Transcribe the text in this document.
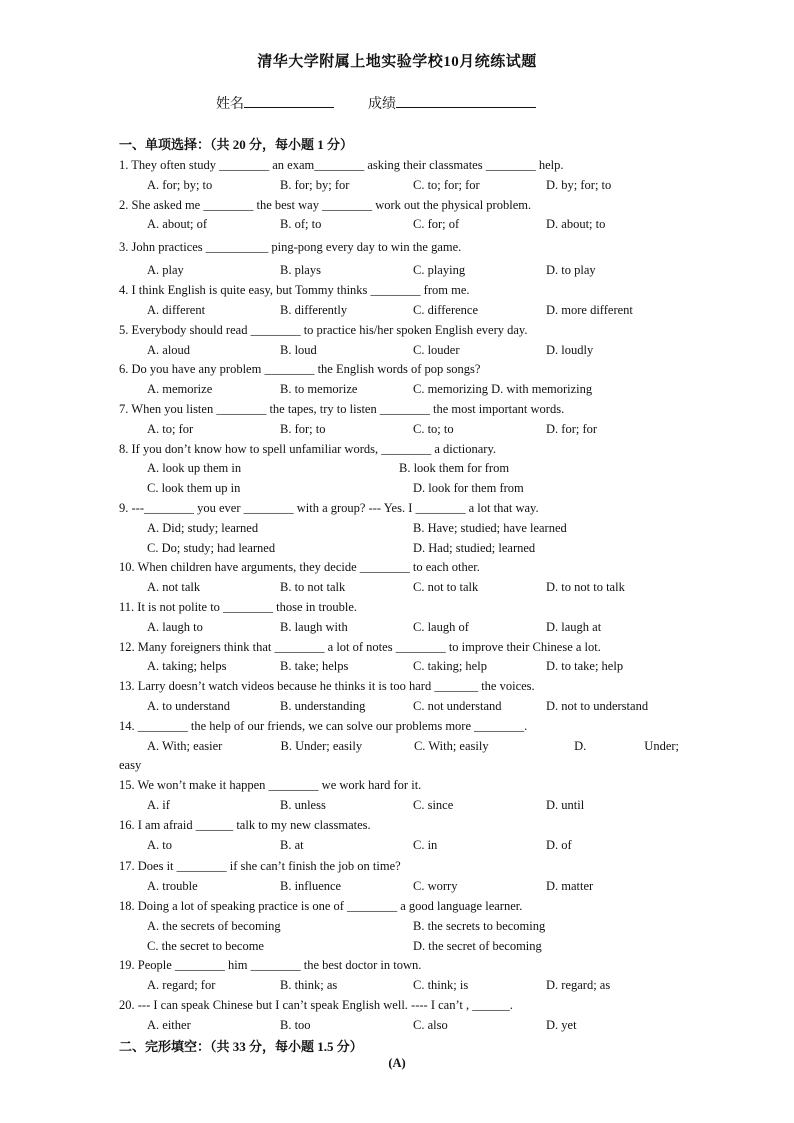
清华大学附属上地实验学校10月统练试题
姓名	成绩
一、单项选择：（共 20 分，每小题 1 分）
1. They often study ________ an exam________ asking their classmates ________ help.
A. for; by; to	B. for; by; for	C. to; for; for	D. by; for; to
2. She asked me ________ the best way ________ work out the physical problem.
A. about; of	B. of; to	C. for; of	D. about; to
3. John practices __________ ping-pong every day to win the game.
A. play	B. plays	C. playing	D. to play
4. I think English is quite easy, but Tommy thinks ________ from me.
A. different	B. differently	C. difference	D. more different
5. Everybody should read ________ to practice his/her spoken English every day.
A. aloud	B. loud	C. louder	D. loudly
6. Do you have any problem ________ the English words of pop songs?
A. memorize	B. to memorize	C. memorizing D. with memorizing
7. When you listen ________ the tapes, try to listen ________ the most important words.
A. to; for	B. for; to	C. to; to	D. for; for
8. If you don’t know how to spell unfamiliar words, ________ a dictionary.
A. look up them in	B. look them for from
C. look them up in	D. look for them from
9. ---________ you ever ________ with a group? --- Yes. I ________ a lot that way.
A. Did; study; learned	B. Have; studied; have learned
C. Do; study; had learned	D. Had; studied; learned
10. When children have arguments, they decide ________ to each other.
A. not talk	B. to not talk	C. not to talk	D. to not to talk
11. It is not polite to ________ those in trouble.
A. laugh to	B. laugh with	C. laugh of	D. laugh at
12. Many foreigners think that ________ a lot of notes ________ to improve their Chinese a lot.
A. taking; helps	B. take; helps	C. taking; help	D. to take; help
13. Larry doesn’t watch videos because he thinks it is too hard _______ the voices.
A. to understand	B. understanding	C. not understand	D. not to understand
14. ________ the help of our friends, we can solve our problems more ________.
A. With; easier	B. Under; easily	C. With; easily	D.	Under;
easy
15. We won’t make it happen ________ we work hard for it.
A. if	B. unless	C. since	D. until
16. I am afraid ______ talk to my new classmates.
A. to	B. at	C. in	D. of
17. Does it ________ if she can’t finish the job on time?
A. trouble	B. influence	C. worry	D. matter
18. Doing a lot of speaking practice is one of ________ a good language learner.
A. the secrets of becoming	B. the secrets to becoming
C. the secret to become	D. the secret of becoming
19. People ________ him ________ the best doctor in town.
A. regard; for	B. think; as	C. think; is	D. regard; as
20. --- I can speak Chinese but I can’t speak English well. ---- I can’t , ______.
A. either	B. too	C. also	D. yet
二、完形填空：（共 33 分，每小题 1.5 分）
(A)
